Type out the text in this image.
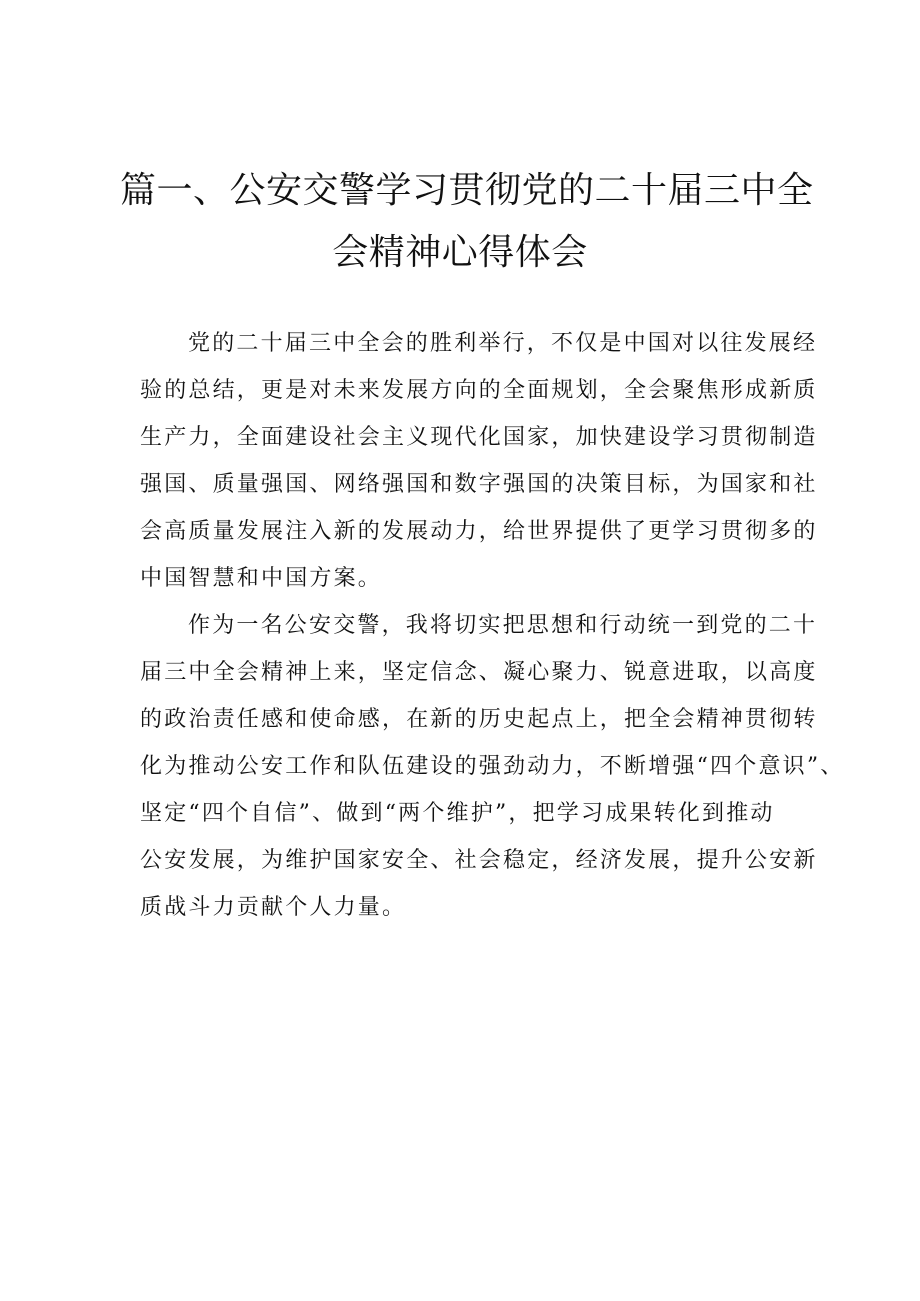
篇一、公安交警学习贯彻党的二十届三中全
会精神心得体会

党的二十届三中全会的胜利举行，不仅是中国对以往发展经
验的总结，更是对未来发展方向的全面规划，全会聚焦形成新质
生产力，全面建设社会主义现代化国家，加快建设学习贯彻制造
强国、质量强国、网络强国和数字强国的决策目标，为国家和社
会高质量发展注入新的发展动力，给世界提供了更学习贯彻多的
中国智慧和中国方案。

作为一名公安交警，我将切实把思想和行动统一到党的二十
届三中全会精神上来，坚定信念、凝心聚力、锐意进取，以高度
的政治责任感和使命感，在新的历史起点上，把全会精神贯彻转
化为推动公安工作和队伍建设的强劲动力，不断增强“四个意识”、
坚定“四个自信”、做到“两个维护”，把学习成果转化到推动
公安发展，为维护国家安全、社会稳定，经济发展，提升公安新
质战斗力贡献个人力量。
